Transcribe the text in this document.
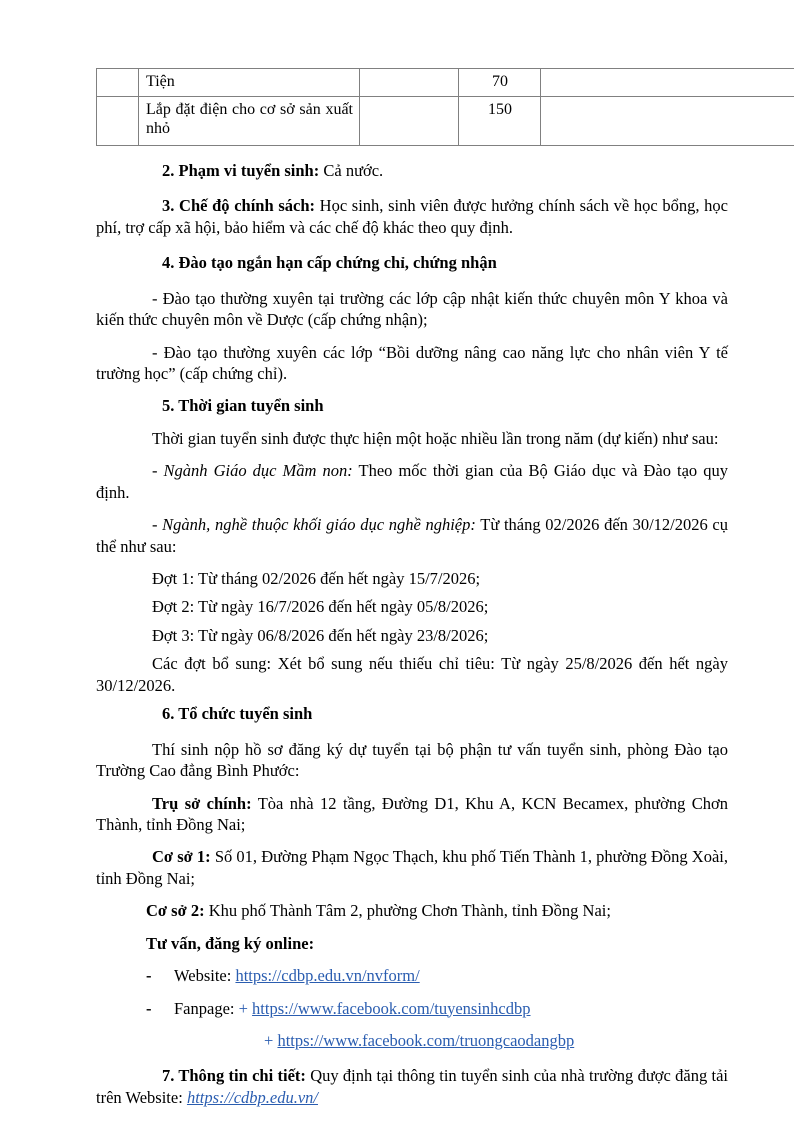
	Tiện		70	
	Lắp đặt điện cho cơ sở sản xuất nhỏ		150	

2. Phạm vi tuyển sinh: Cả nước.

3. Chế độ chính sách: Học sinh, sinh viên được hưởng chính sách về học bổng, học phí, trợ cấp xã hội, bảo hiểm và các chế độ khác theo quy định.

4. Đào tạo ngắn hạn cấp chứng chỉ, chứng nhận

- Đào tạo thường xuyên tại trường các lớp cập nhật kiến thức chuyên môn Y khoa và kiến thức chuyên môn về Dược (cấp chứng nhận);

- Đào tạo thường xuyên các lớp “Bồi dưỡng nâng cao năng lực cho nhân viên Y tế trường học” (cấp chứng chỉ).

5. Thời gian tuyển sinh

Thời gian tuyển sinh được thực hiện một hoặc nhiều lần trong năm (dự kiến) như sau:

- Ngành Giáo dục Mầm non: Theo mốc thời gian của Bộ Giáo dục và Đào tạo quy định.

- Ngành, nghề thuộc khối giáo dục nghề nghiệp: Từ tháng 02/2026 đến 30/12/2026 cụ thể như sau:

Đợt 1: Từ tháng 02/2026 đến hết ngày 15/7/2026;

Đợt 2: Từ ngày 16/7/2026 đến hết ngày 05/8/2026;

Đợt 3: Từ ngày 06/8/2026 đến hết ngày 23/8/2026;

Các đợt bổ sung: Xét bổ sung nếu thiếu chỉ tiêu: Từ ngày 25/8/2026 đến hết ngày 30/12/2026.

6. Tổ chức tuyển sinh

Thí sinh nộp hồ sơ đăng ký dự tuyển tại bộ phận tư vấn tuyển sinh, phòng Đào tạo Trường Cao đẳng Bình Phước:

Trụ sở chính: Tòa nhà 12 tầng, Đường D1, Khu A, KCN Becamex, phường Chơn Thành, tỉnh Đồng Nai;

Cơ sở 1: Số 01, Đường Phạm Ngọc Thạch, khu phố Tiến Thành 1, phường Đồng Xoài, tỉnh Đồng Nai;

Cơ sở 2: Khu phố Thành Tâm 2, phường Chơn Thành, tỉnh Đồng Nai;

Tư vấn, đăng ký online:

- Website: https://cdbp.edu.vn/nvform/
- Fanpage: + https://www.facebook.com/tuyensinhcdbp
+ https://www.facebook.com/truongcaodangbp

7. Thông tin chi tiết: Quy định tại thông tin tuyển sinh của nhà trường được đăng tải trên Website: https://cdbp.edu.vn/
